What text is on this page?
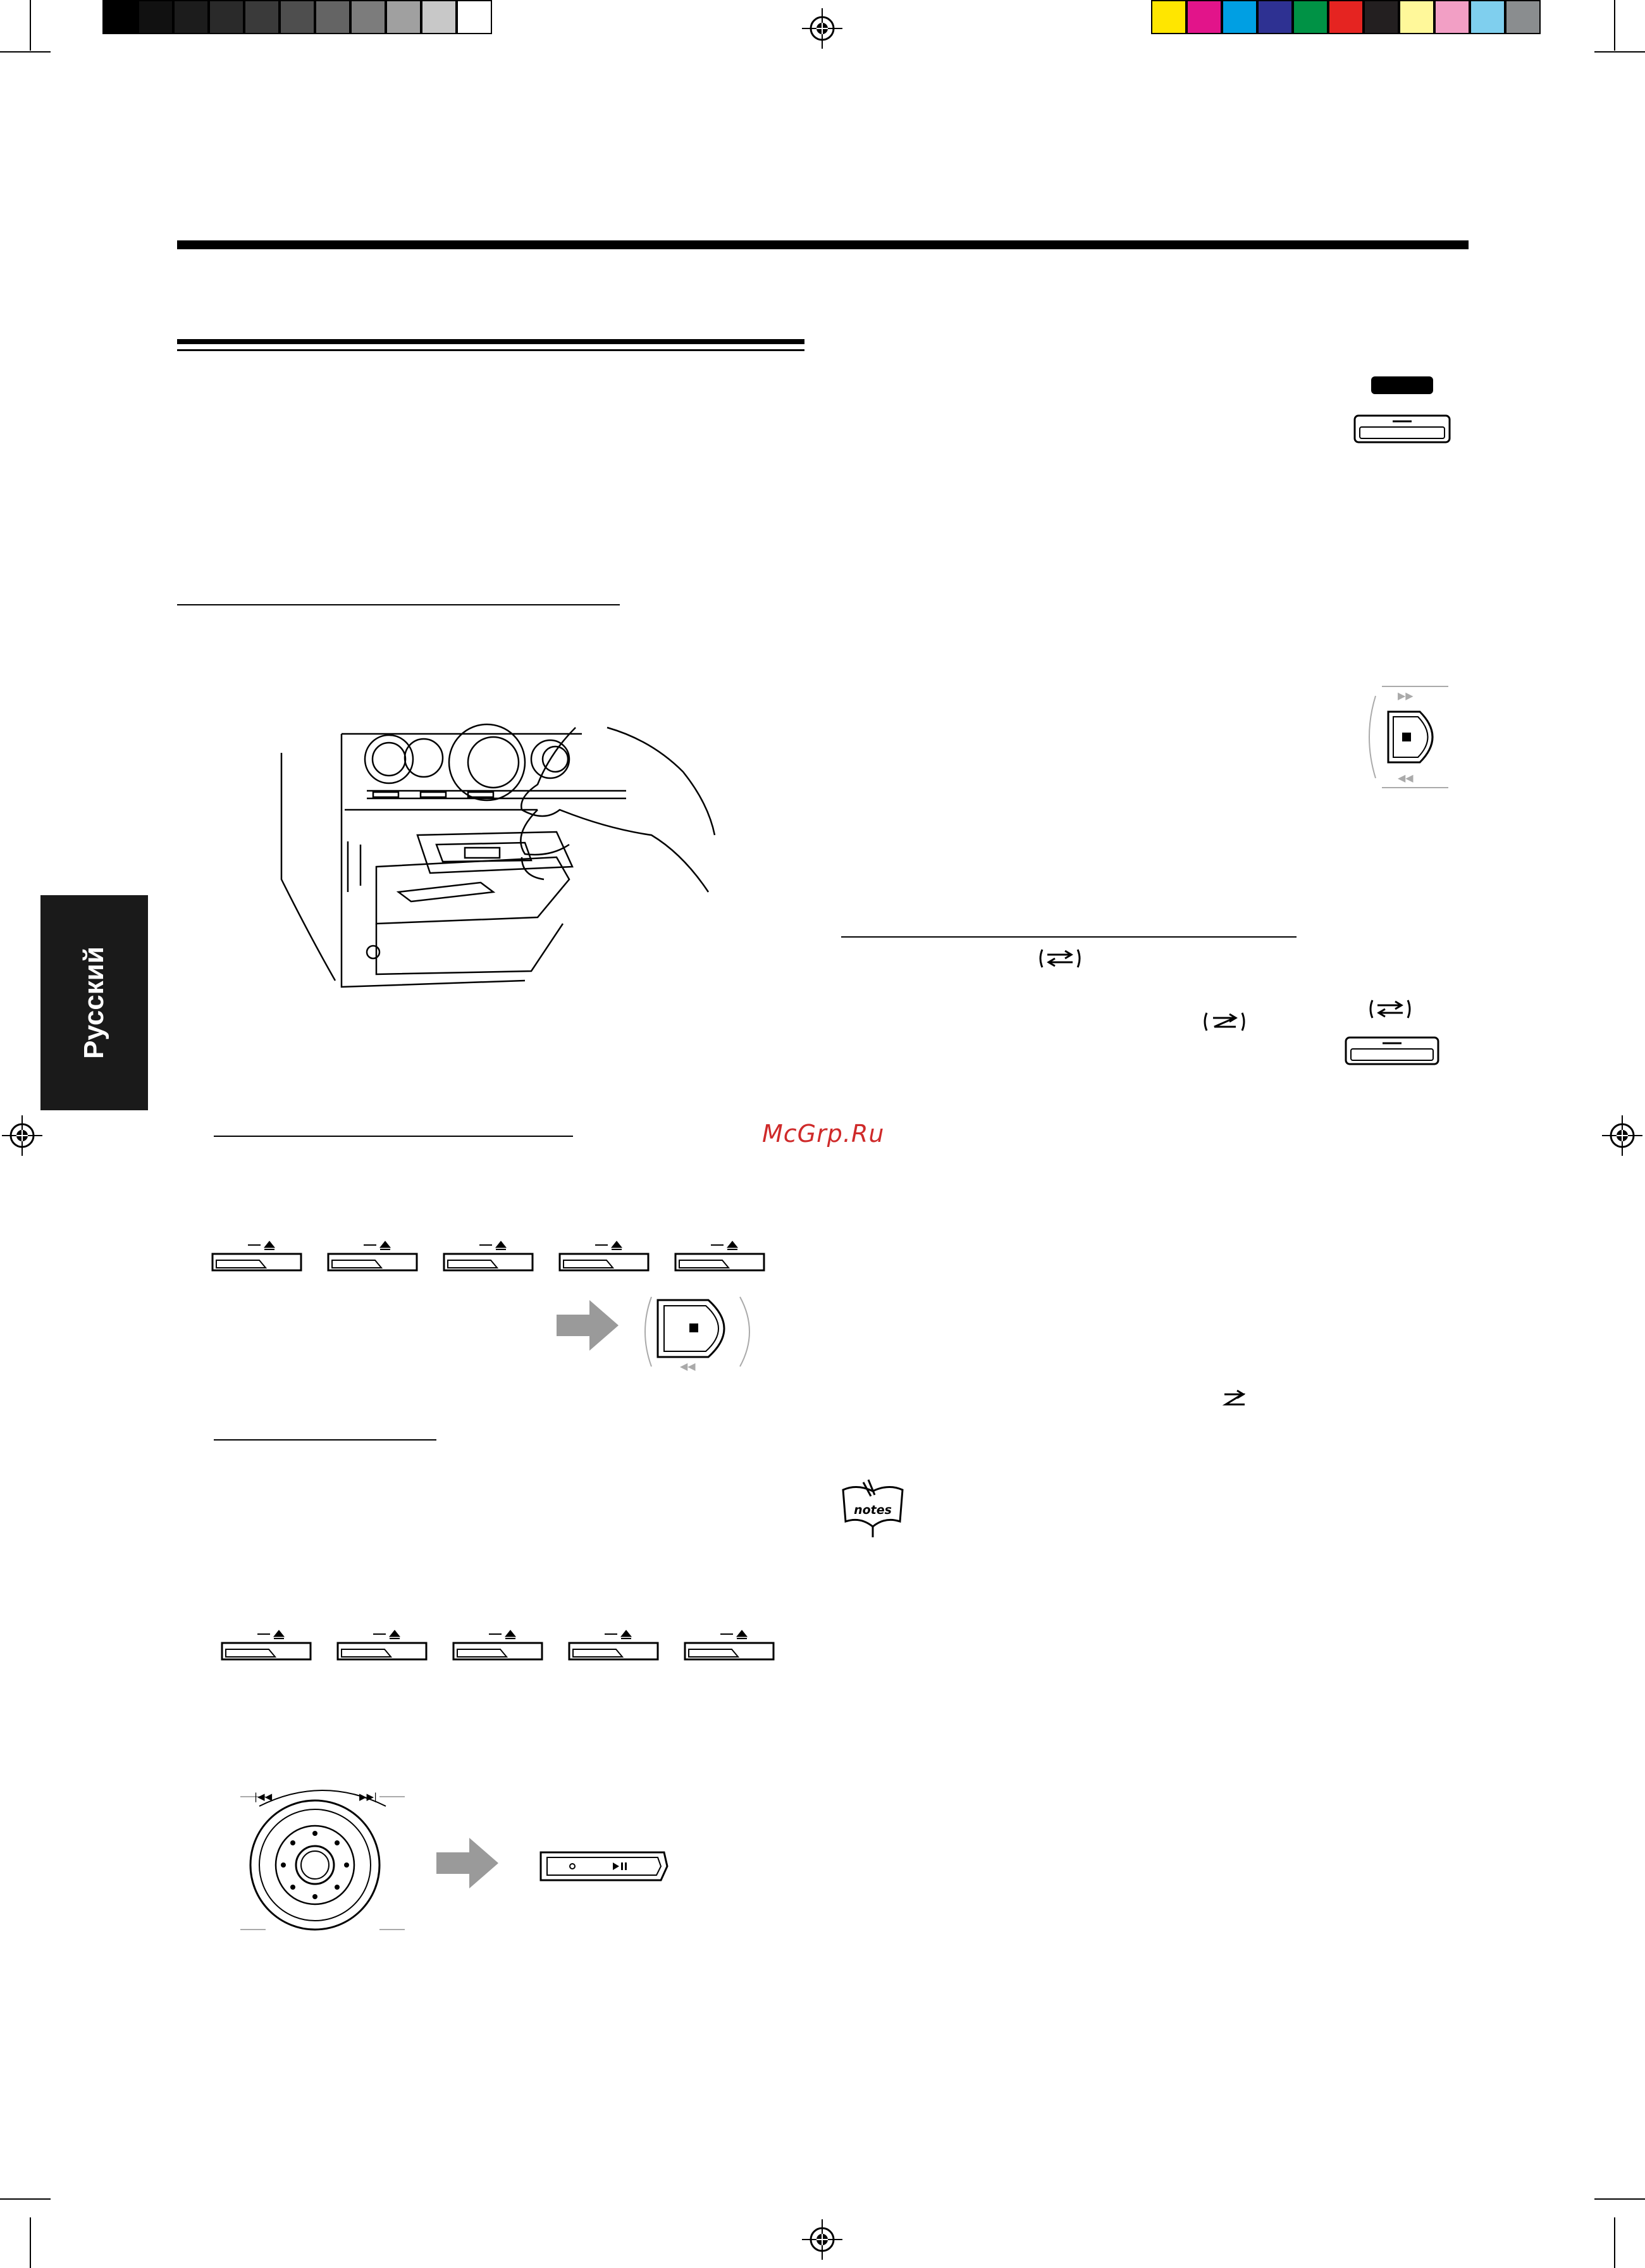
Русский
McGrp.Ru
▶▶
◀◀
notes
◀◀
|◀◀	▶▶|
